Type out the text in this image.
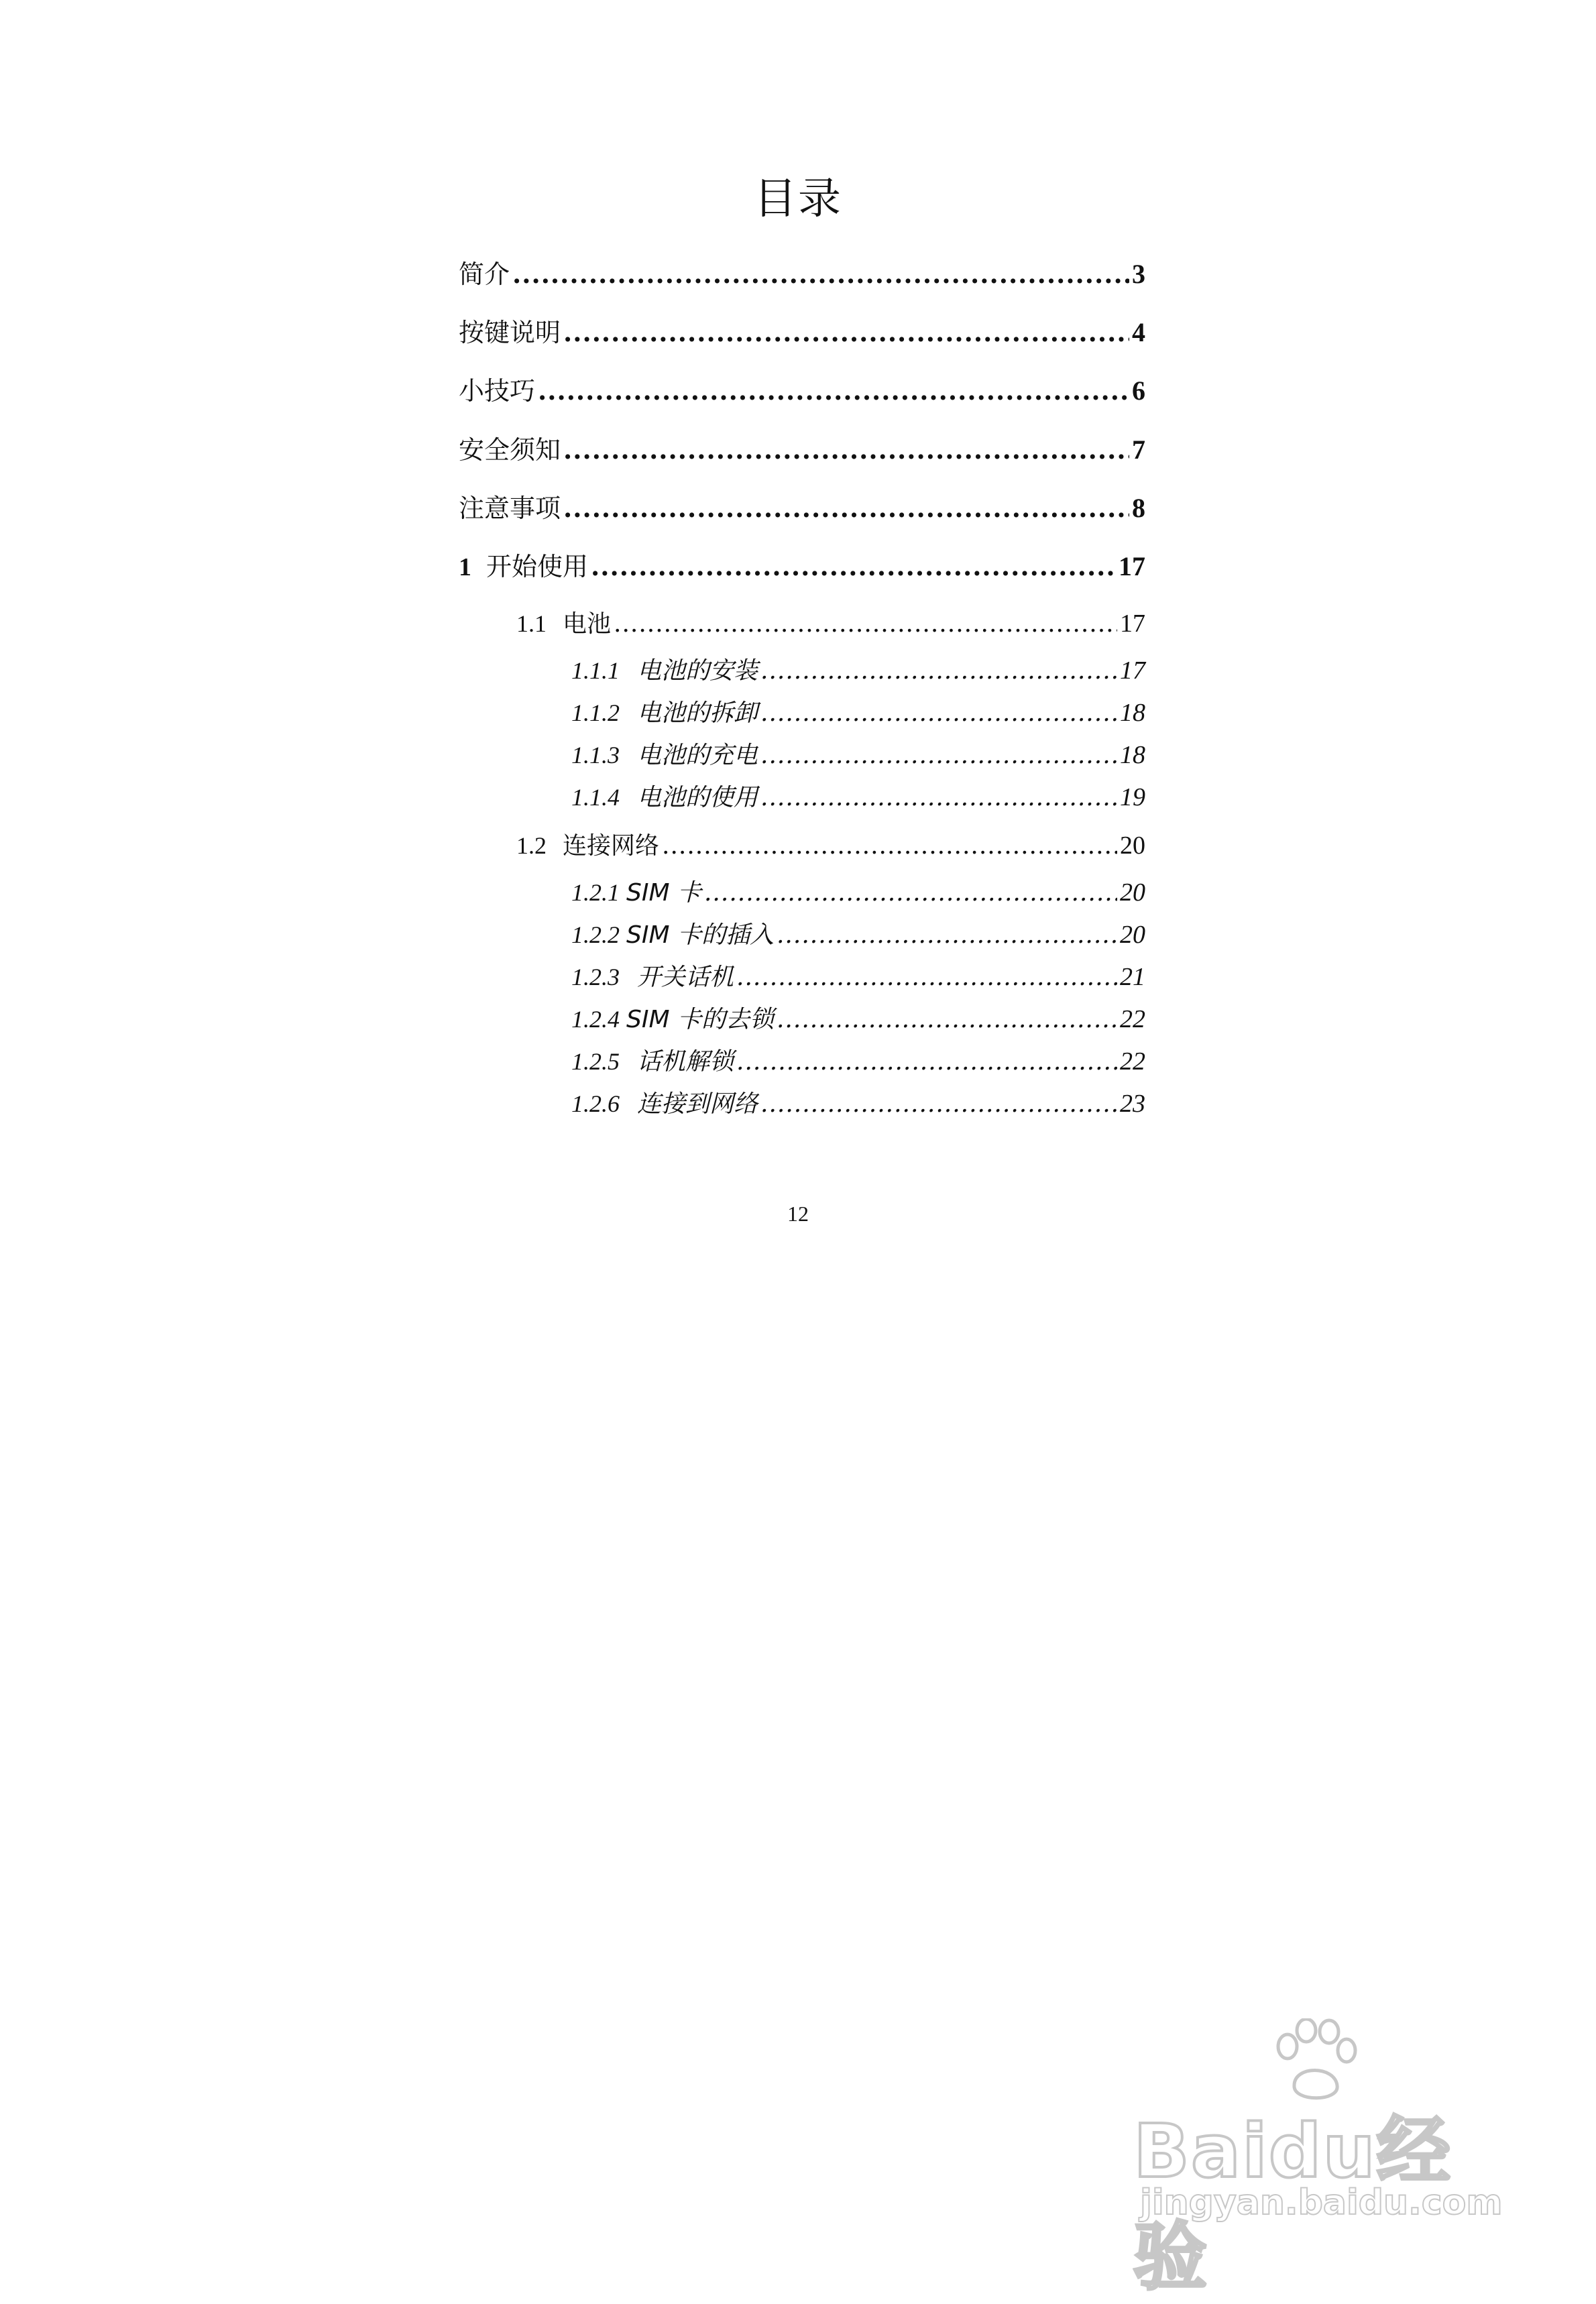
目录
简介 .....	3
按键说明 .....	4
小技巧 .....	6
安全须知 .....	7
注意事项 .....	8
1 开始使用 .....	17
1.1 电池 .....	17
1.1.1 电池的安装 .....	17
1.1.2 电池的拆卸 .....	18
1.1.3 电池的充电 .....	18
1.1.4 电池的使用 .....	19
1.2 连接网络 .....	20
1.2.1 SIM 卡 .....	20
1.2.2 SIM 卡的插入 .....	20
1.2.3 开关话机 .....	21
1.2.4 SIM 卡的去锁 .....	22
1.2.5 话机解锁 .....	22
1.2.6 连接到网络 .....	23
12
Baidu经验
jingyan.baidu.com
